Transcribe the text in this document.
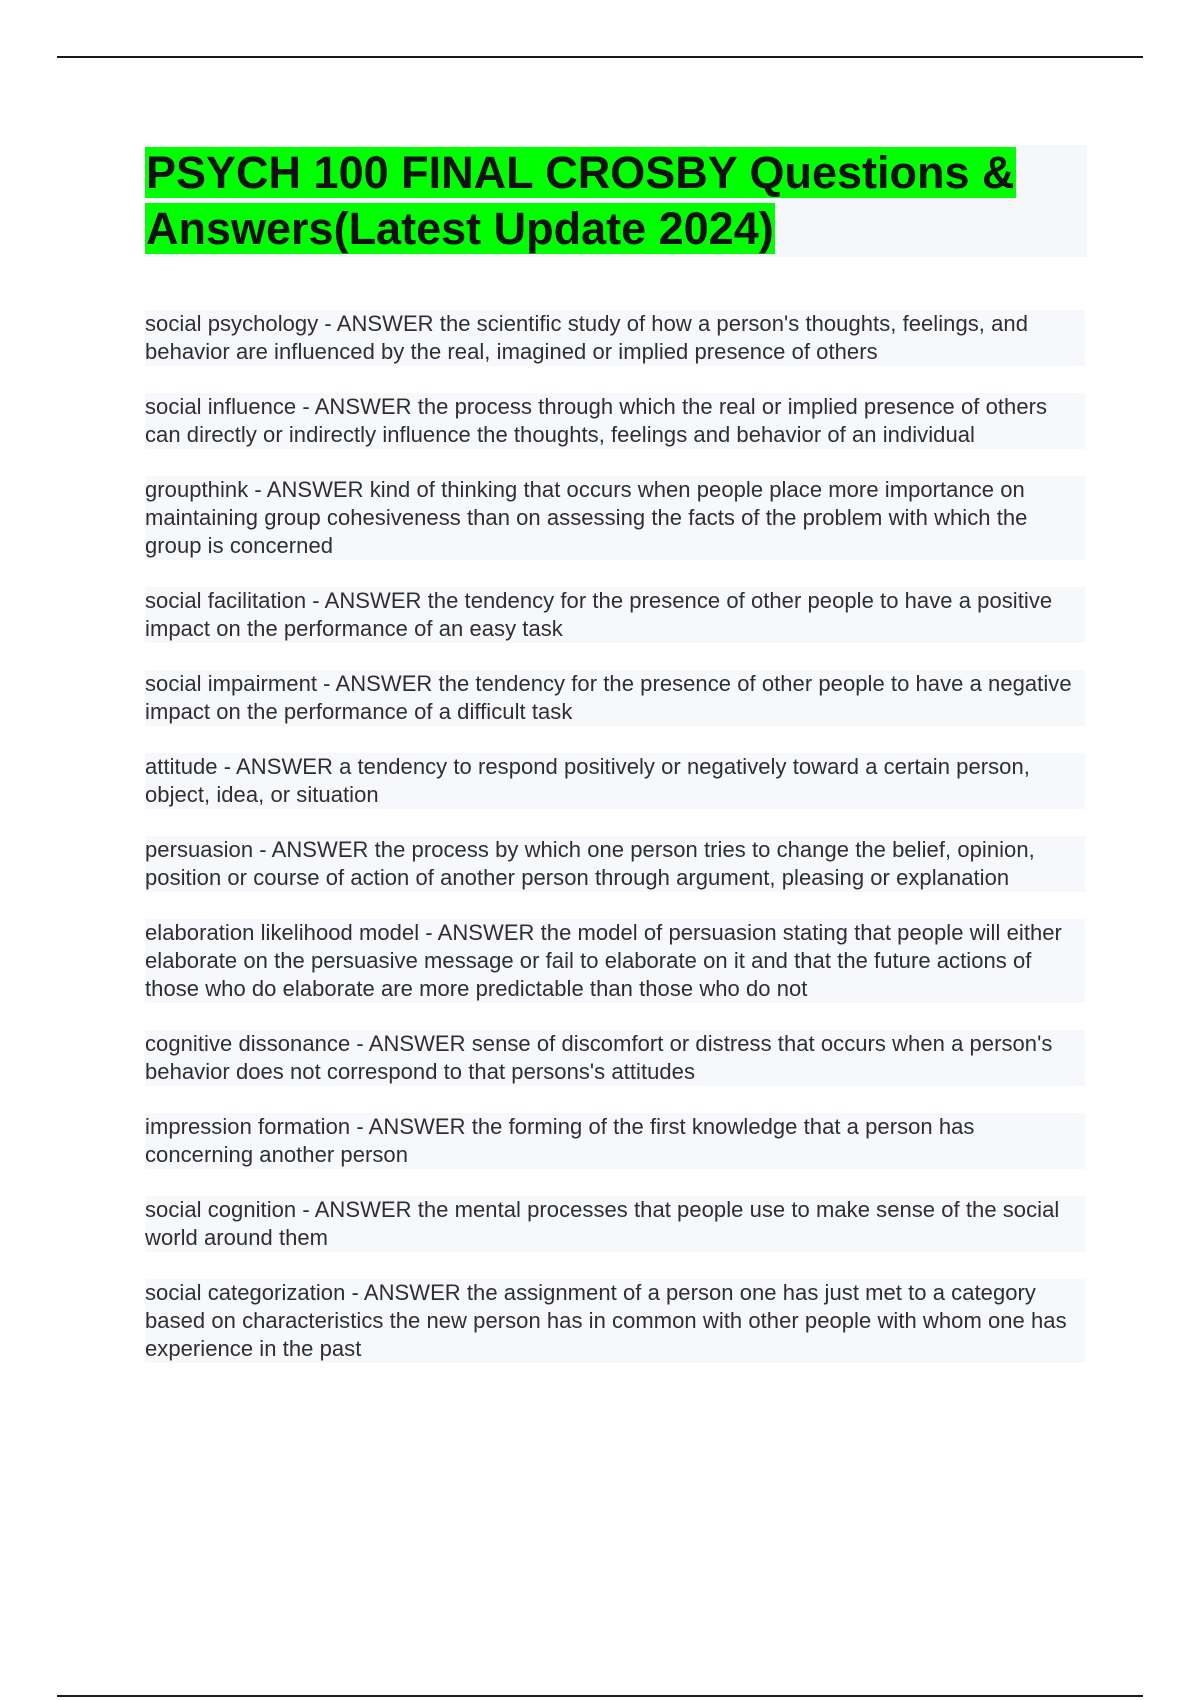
PSYCH 100 FINAL CROSBY Questions & Answers(Latest Update 2024)

social psychology - ANSWER the scientific study of how a person's thoughts, feelings, and behavior are influenced by the real, imagined or implied presence of others

social influence - ANSWER the process through which the real or implied presence of others can directly or indirectly influence the thoughts, feelings and behavior of an individual

groupthink - ANSWER kind of thinking that occurs when people place more importance on maintaining group cohesiveness than on assessing the facts of the problem with which the group is concerned

social facilitation - ANSWER the tendency for the presence of other people to have a positive impact on the performance of an easy task

social impairment - ANSWER the tendency for the presence of other people to have a negative impact on the performance of a difficult task

attitude - ANSWER a tendency to respond positively or negatively toward a certain person, object, idea, or situation

persuasion - ANSWER the process by which one person tries to change the belief, opinion, position or course of action of another person through argument, pleasing or explanation

elaboration likelihood model - ANSWER the model of persuasion stating that people will either elaborate on the persuasive message or fail to elaborate on it and that the future actions of those who do elaborate are more predictable than those who do not

cognitive dissonance - ANSWER sense of discomfort or distress that occurs when a person's behavior does not correspond to that persons's attitudes

impression formation - ANSWER the forming of the first knowledge that a person has concerning another person

social cognition - ANSWER the mental processes that people use to make sense of the social world around them

social categorization - ANSWER the assignment of a person one has just met to a category based on characteristics the new person has in common with other people with whom one has experience in the past
